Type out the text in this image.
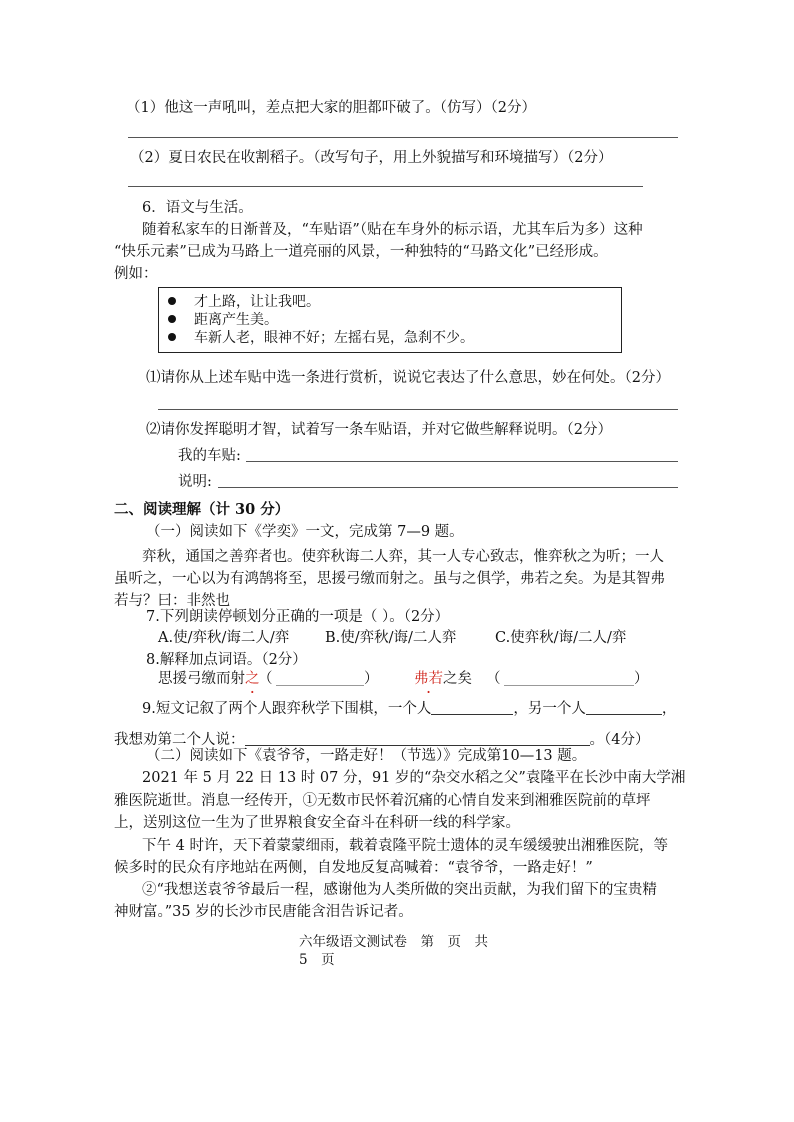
（1）他这一声吼叫，差点把大家的胆都吓破了。（仿写）（2分）
（2）夏日农民在收割稻子。（改写句子，用上外貌描写和环境描写）（2分）
6．语文与生活。
随着私家车的日渐普及，“车贴语”（贴在车身外的标示语，尤其车后为多）这种
“快乐元素”已成为马路上一道亮丽的风景，一种独特的“马路文化”已经形成。
例如：
才上路，让让我吧。
距离产生美。
车新人老，眼神不好；左摇右晃，急刹不少。
⑴请你从上述车贴中选一条进行赏析，说说它表达了什么意思，妙在何处。（2分）
⑵请你发挥聪明才智，试着写一条车贴语，并对它做些解释说明。（2分）
我的车贴:
说明:
二、阅读理解（计 30 分）
（一）阅读如下《学奕》一文，完成第 7—9 题。
弈秋，通国之善弈者也。使弈秋诲二人弈，其一人专心致志，惟弈秋之为听；一人
虽听之，一心以为有鸿鹄将至，思援弓缴而射之。虽与之俱学，弗若之矣。为是其智弗
若与？曰：非然也
7.下列朗读停顿划分正确的一项是（ ）。（2分）
A.使/弈秋/诲二人/弈 B.使/弈秋/诲/二人弈	C.使弈秋/诲/二人/弈
8.解释加点词语。（2分）
思援弓缴而射之
（	） 弗若之矣 （	）
9.短文记叙了两个人跟弈秋学下围棋，一个人	，另一个人	，
我想劝第二个人说：	。（4分）
（二）阅读如下《袁爷爷，一路走好！（节选）》完成第10—13 题。
2021 年 5 月 22 日 13 时 07 分，91 岁的“杂交水稻之父”袁隆平在长沙中南大学湘
雅医院逝世。消息一经传开，①无数市民怀着沉痛的心情自发来到湘雅医院前的草坪
上，送别这位一生为了世界粮食安全奋斗在科研一线的科学家。
下午 4 时许，天下着蒙蒙细雨，载着袁隆平院士遗体的灵车缓缓驶出湘雅医院，等
候多时的民众有序地站在两侧，自发地反复高喊着：“袁爷爷，一路走好！”
②“我想送袁爷爷最后一程，感谢他为人类所做的突出贡献，为我们留下的宝贵精
神财富。”35 岁的长沙市民唐能含泪告诉记者。
六年级语文测试卷　第　页　共
5　页
